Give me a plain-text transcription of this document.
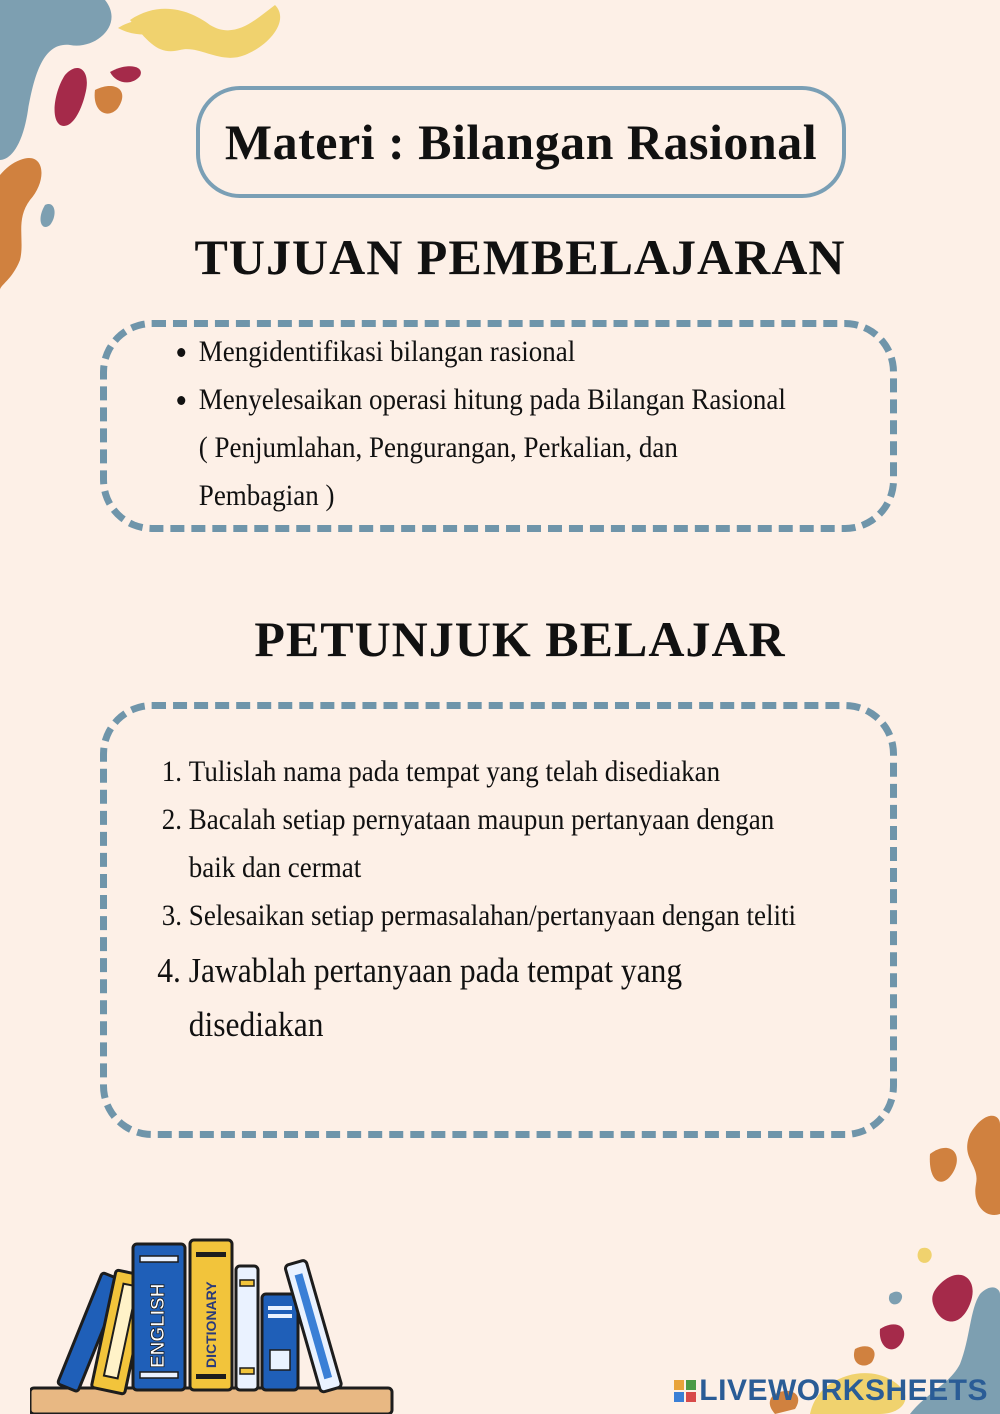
Materi : Bilangan Rasional
TUJUAN PEMBELAJARAN
• Mengidentifikasi bilangan rasional
• Menyelesaikan operasi hitung pada Bilangan Rasional ( Penjumlahan, Pengurangan, Perkalian, dan Pembagian )
PETUNJUK BELAJAR
1. Tulislah nama pada tempat yang telah disediakan
2. Bacalah setiap pernyataan maupun pertanyaan dengan baik dan cermat
3. Selesaikan setiap permasalahan/pertanyaan dengan teliti
4. Jawablah pertanyaan pada tempat yang disediakan
ENGLISH DICTIONARY
LIVEWORKSHEETS
